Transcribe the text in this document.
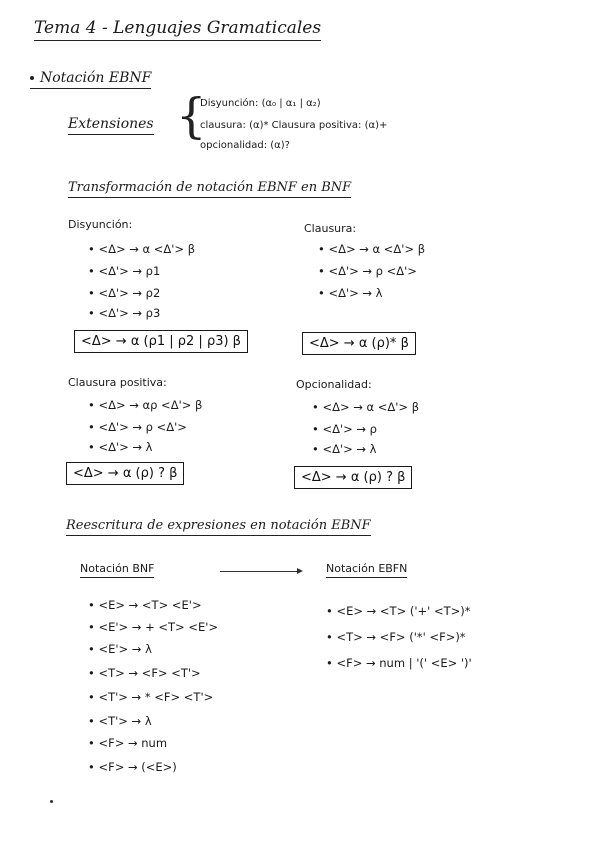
Tema 4 - Lenguajes Gramaticales
Notación EBNF
Extensiones {
Disyunción: (α₀ | α₁ | α₂)
clausura: (α)* Clausura positiva: (α)+
opcionalidad: (α)?
Transformación de notación EBNF en BNF
Disyunción:
• <Δ> → α <Δ'> β
• <Δ'> → ρ1
• <Δ'> → ρ2
• <Δ'> → ρ3
<Δ> → α (ρ1 | ρ2 | ρ3) β
Clausura:
• <Δ> → α <Δ'> β
• <Δ'> → ρ <Δ'>
• <Δ'> → λ
<Δ> → α (ρ)* β
Clausura positiva:
• <Δ> → αρ <Δ'> β
• <Δ'> → ρ <Δ'>
• <Δ'> → λ
<Δ> → α (ρ) ? β
Opcionalidad:
• <Δ> → α <Δ'> β
• <Δ'> → ρ
• <Δ'> → λ
<Δ> → α (ρ) ? β
Reescritura de expresiones en notación EBNF
Notación BNF
• <E> → <T> <E'>
• <E'> → + <T> <E'>
• <E'> → λ
• <T> → <F> <T'>
• <T'> → * <F> <T'>
• <T'> → λ
• <F> → num
• <F> → (<E>)
Notación EBFN
• <E> → <T> ('+' <T>)*
• <T> → <F> ('*' <F>)*
• <F> → num | '(' <E> ')'
